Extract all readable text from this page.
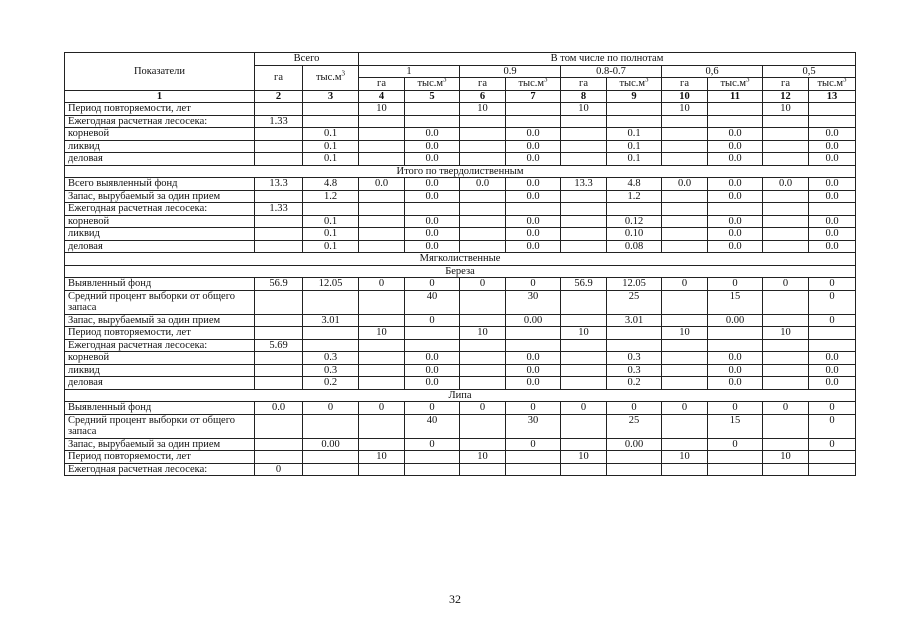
Показатели	Всего		В том числе по полнотам									
	га	$тыс.м^3$	1		0.9		0.8-0.7		0,6		0,5	
			га	$тыс.м^3$	га	$тыс.м^3$	га	$тыс.м^3$	га	$тыс.м^3$	га	$тыс.м^3$
1	2	3	4	5	6	7	8	9	10	11	12	13
Период повторяемости, лет			10		10		10		10		10	
Ежегодная расчетная лесосека:	1.33											
корневой		0.1		0.0		0.0		0.1		0.0		0.0
ликвид		0.1		0.0		0.0		0.1		0.0		0.0
деловая		0.1		0.0		0.0		0.1		0.0		0.0
Итого по твердолиственным												
Всего выявленный фонд	13.3	4.8	0.0	0.0	0.0	0.0	13.3	4.8	0.0	0.0	0.0	0.0
Запас, вырубаемый за один прием		1.2		0.0		0.0		1.2		0.0		0.0
Ежегодная расчетная лесосека:	1.33											
корневой		0.1		0.0		0.0		0.12		0.0		0.0
ликвид		0.1		0.0		0.0		0.10		0.0		0.0
деловая		0.1		0.0		0.0		0.08		0.0		0.0
Мягколиственные												
Береза												
Выявленный фонд	56.9	12.05	0	0	0	0	56.9	12.05	0	0	0	0
Средний процент выборки от общего запаса				40		30		25		15		0
Запас, вырубаемый за один прием		3.01		0		0.00		3.01		0.00		0
Период повторяемости, лет			10		10		10		10		10	
Ежегодная расчетная лесосека:	5.69											
корневой		0.3		0.0		0.0		0.3		0.0		0.0
ликвид		0.3		0.0		0.0		0.3		0.0		0.0
деловая		0.2		0.0		0.0		0.2		0.0		0.0
Липа												
Выявленный фонд	0.0	0	0	0	0	0	0	0	0	0	0	0
Средний процент выборки от общего запаса				40		30		25		15		0
Запас, вырубаемый за один прием		0.00		0		0		0.00		0		0
Период повторяемости, лет			10		10		10		10		10	
Ежегодная расчетная лесосека:	0											
32
